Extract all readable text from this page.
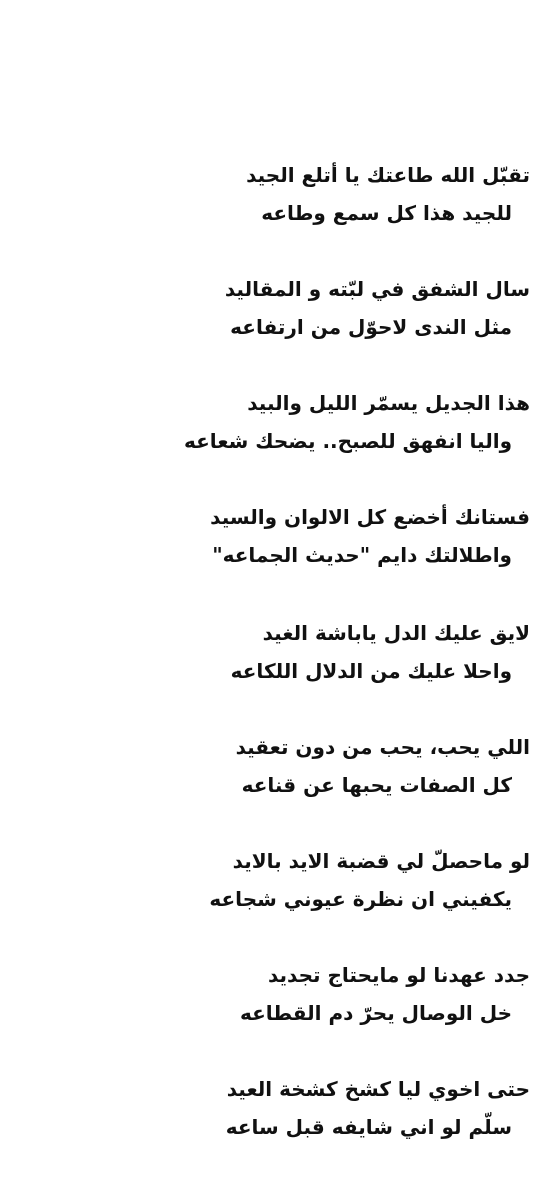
تقبّل الله طاعتك يا أتلع الجيد
للجيد هذا كل سمع وطاعه
سال الشفق في لبّته و المقاليد
مثل الندى لاحوّل من ارتفاعه
هذا الجديل يسمّر الليل والبيد
واليا انفهق للصبح.. يضحك شعاعه
فستانك أخضع كل الالوان والسيد
واطلالتك دايم "حديث الجماعه"
لايق عليك الدل ياباشة الغيد
واحلا عليك من الدلال اللكاعه
اللي يحب، يحب من دون تعقيد
كل الصفات يحبها عن قناعه
لو ماحصلّ لي قضبة الايد بالايد
يكفيني ان نظرة عيوني شجاعه
جدد عهدنا لو مايحتاج تجديد
خل الوصال يحرّ دم القطاعه
حتى اخوي ليا كشخ كشخة العيد
سلّم لو اني شايفه قبل ساعه
